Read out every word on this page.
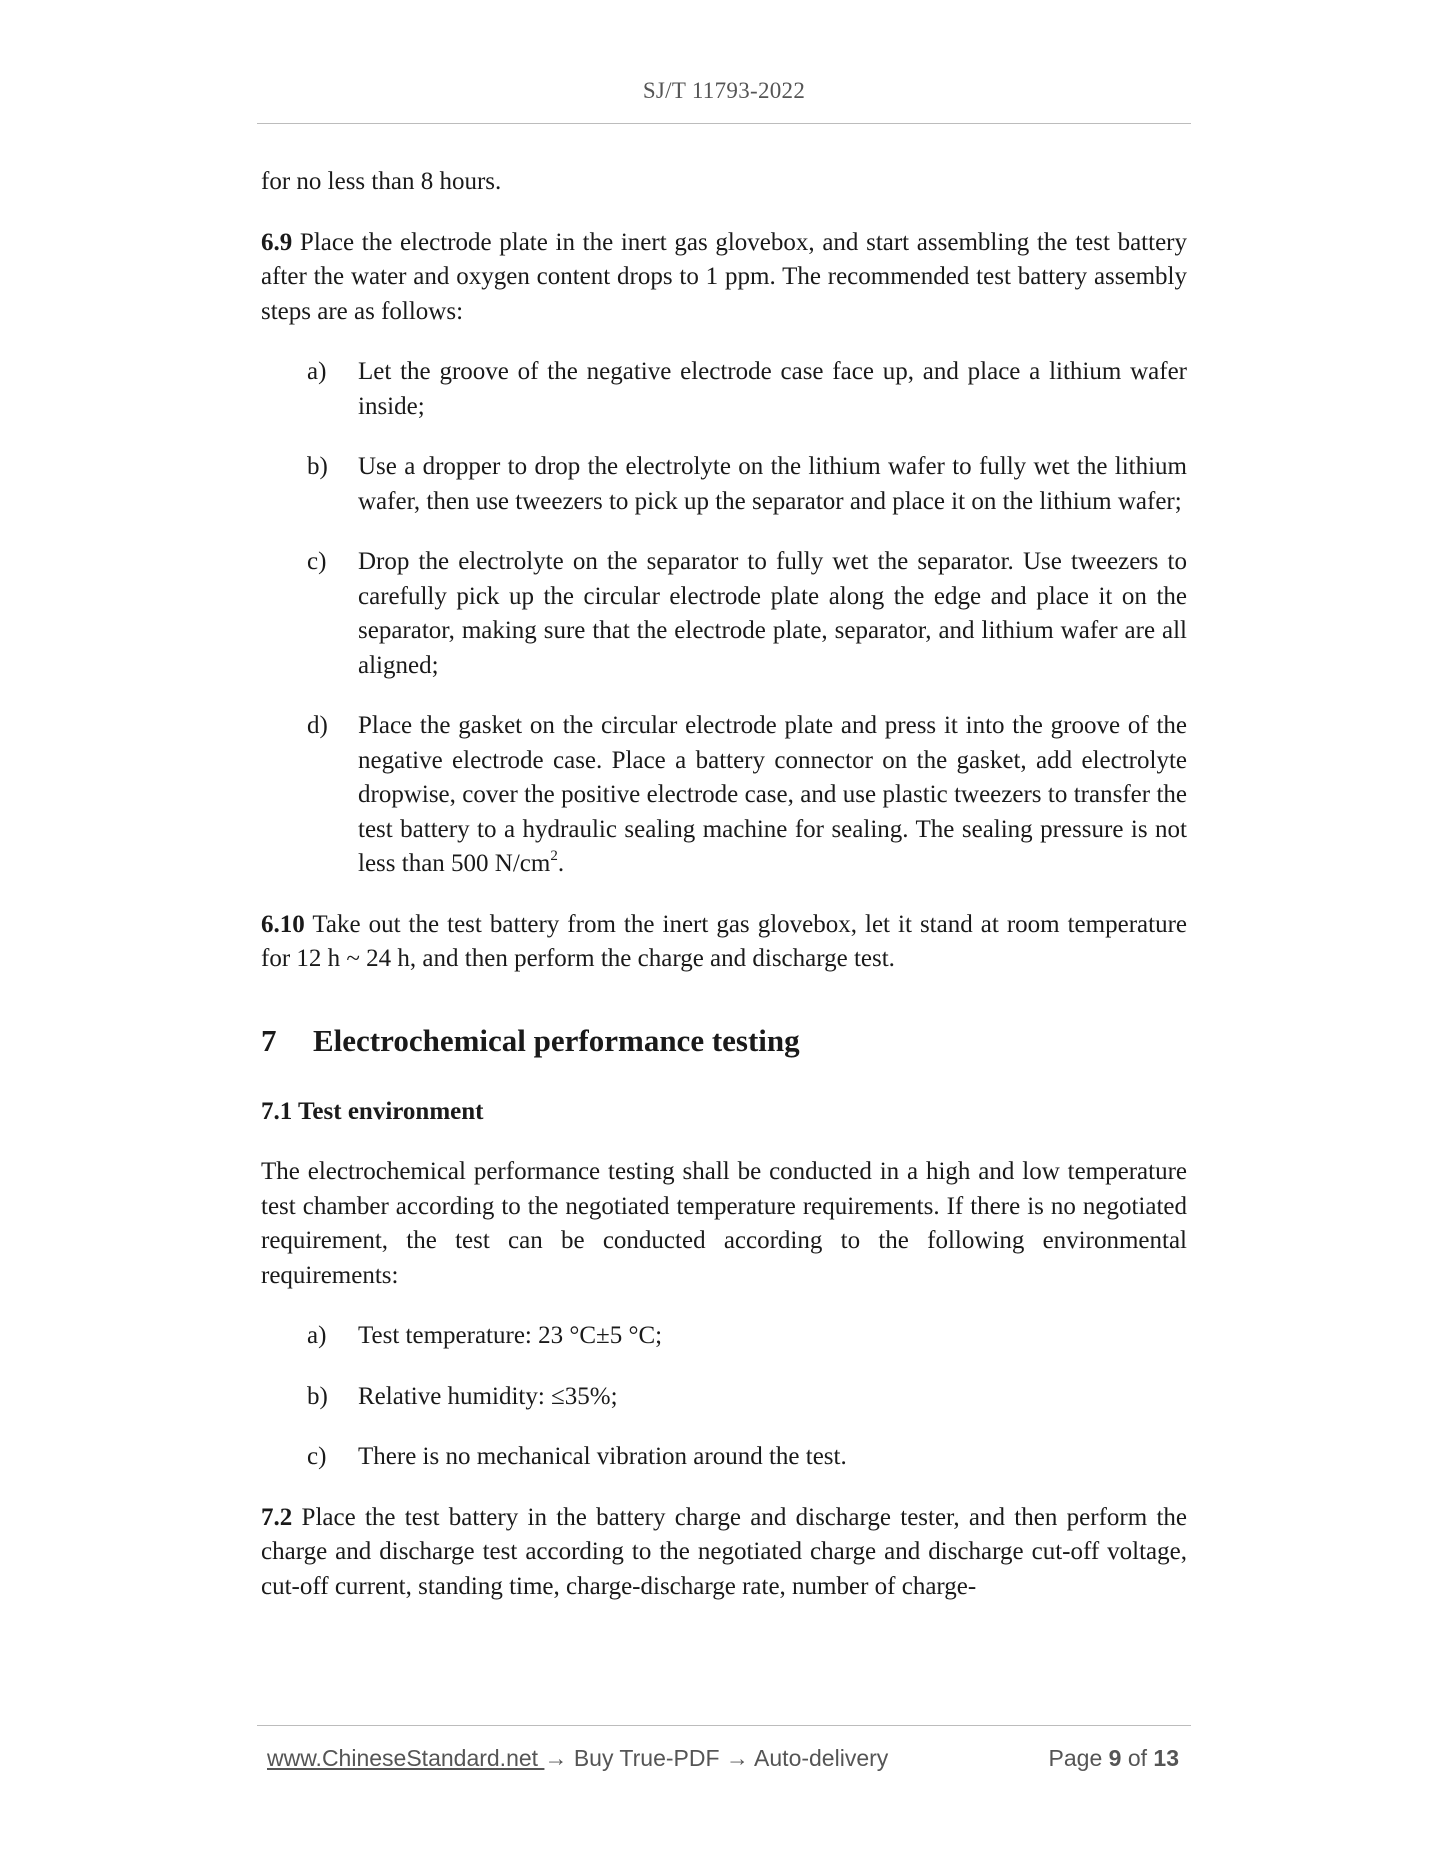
SJ/T 11793-2022

for no less than 8 hours.

6.9 Place the electrode plate in the inert gas glovebox, and start assembling the test battery after the water and oxygen content drops to 1 ppm. The recommended test battery assembly steps are as follows:

a) Let the groove of the negative electrode case face up, and place a lithium wafer inside;
b) Use a dropper to drop the electrolyte on the lithium wafer to fully wet the lithium wafer, then use tweezers to pick up the separator and place it on the lithium wafer;
c) Drop the electrolyte on the separator to fully wet the separator. Use tweezers to carefully pick up the circular electrode plate along the edge and place it on the separator, making sure that the electrode plate, separator, and lithium wafer are all aligned;
d) Place the gasket on the circular electrode plate and press it into the groove of the negative electrode case. Place a battery connector on the gasket, add electrolyte dropwise, cover the positive electrode case, and use plastic tweezers to transfer the test battery to a hydraulic sealing machine for sealing. The sealing pressure is not less than 500 $N/cm^2$.

6.10 Take out the test battery from the inert gas glovebox, let it stand at room temperature for 12 h ~ 24 h, and then perform the charge and discharge test.

7 Electrochemical performance testing
7.1 Test environment

The electrochemical performance testing shall be conducted in a high and low temperature test chamber according to the negotiated temperature requirements. If there is no negotiated requirement, the test can be conducted according to the following environmental requirements:

a) Test temperature: 23 °C±5 °C;
b) Relative humidity: ≤35%;
c) There is no mechanical vibration around the test.

7.2 Place the test battery in the battery charge and discharge tester, and then perform the charge and discharge test according to the negotiated charge and discharge cut-off voltage, cut-off current, standing time, charge-discharge rate, number of charge-

www.ChineseStandard.net → Buy True-PDF → Auto-delivery	Page 9 of 13
